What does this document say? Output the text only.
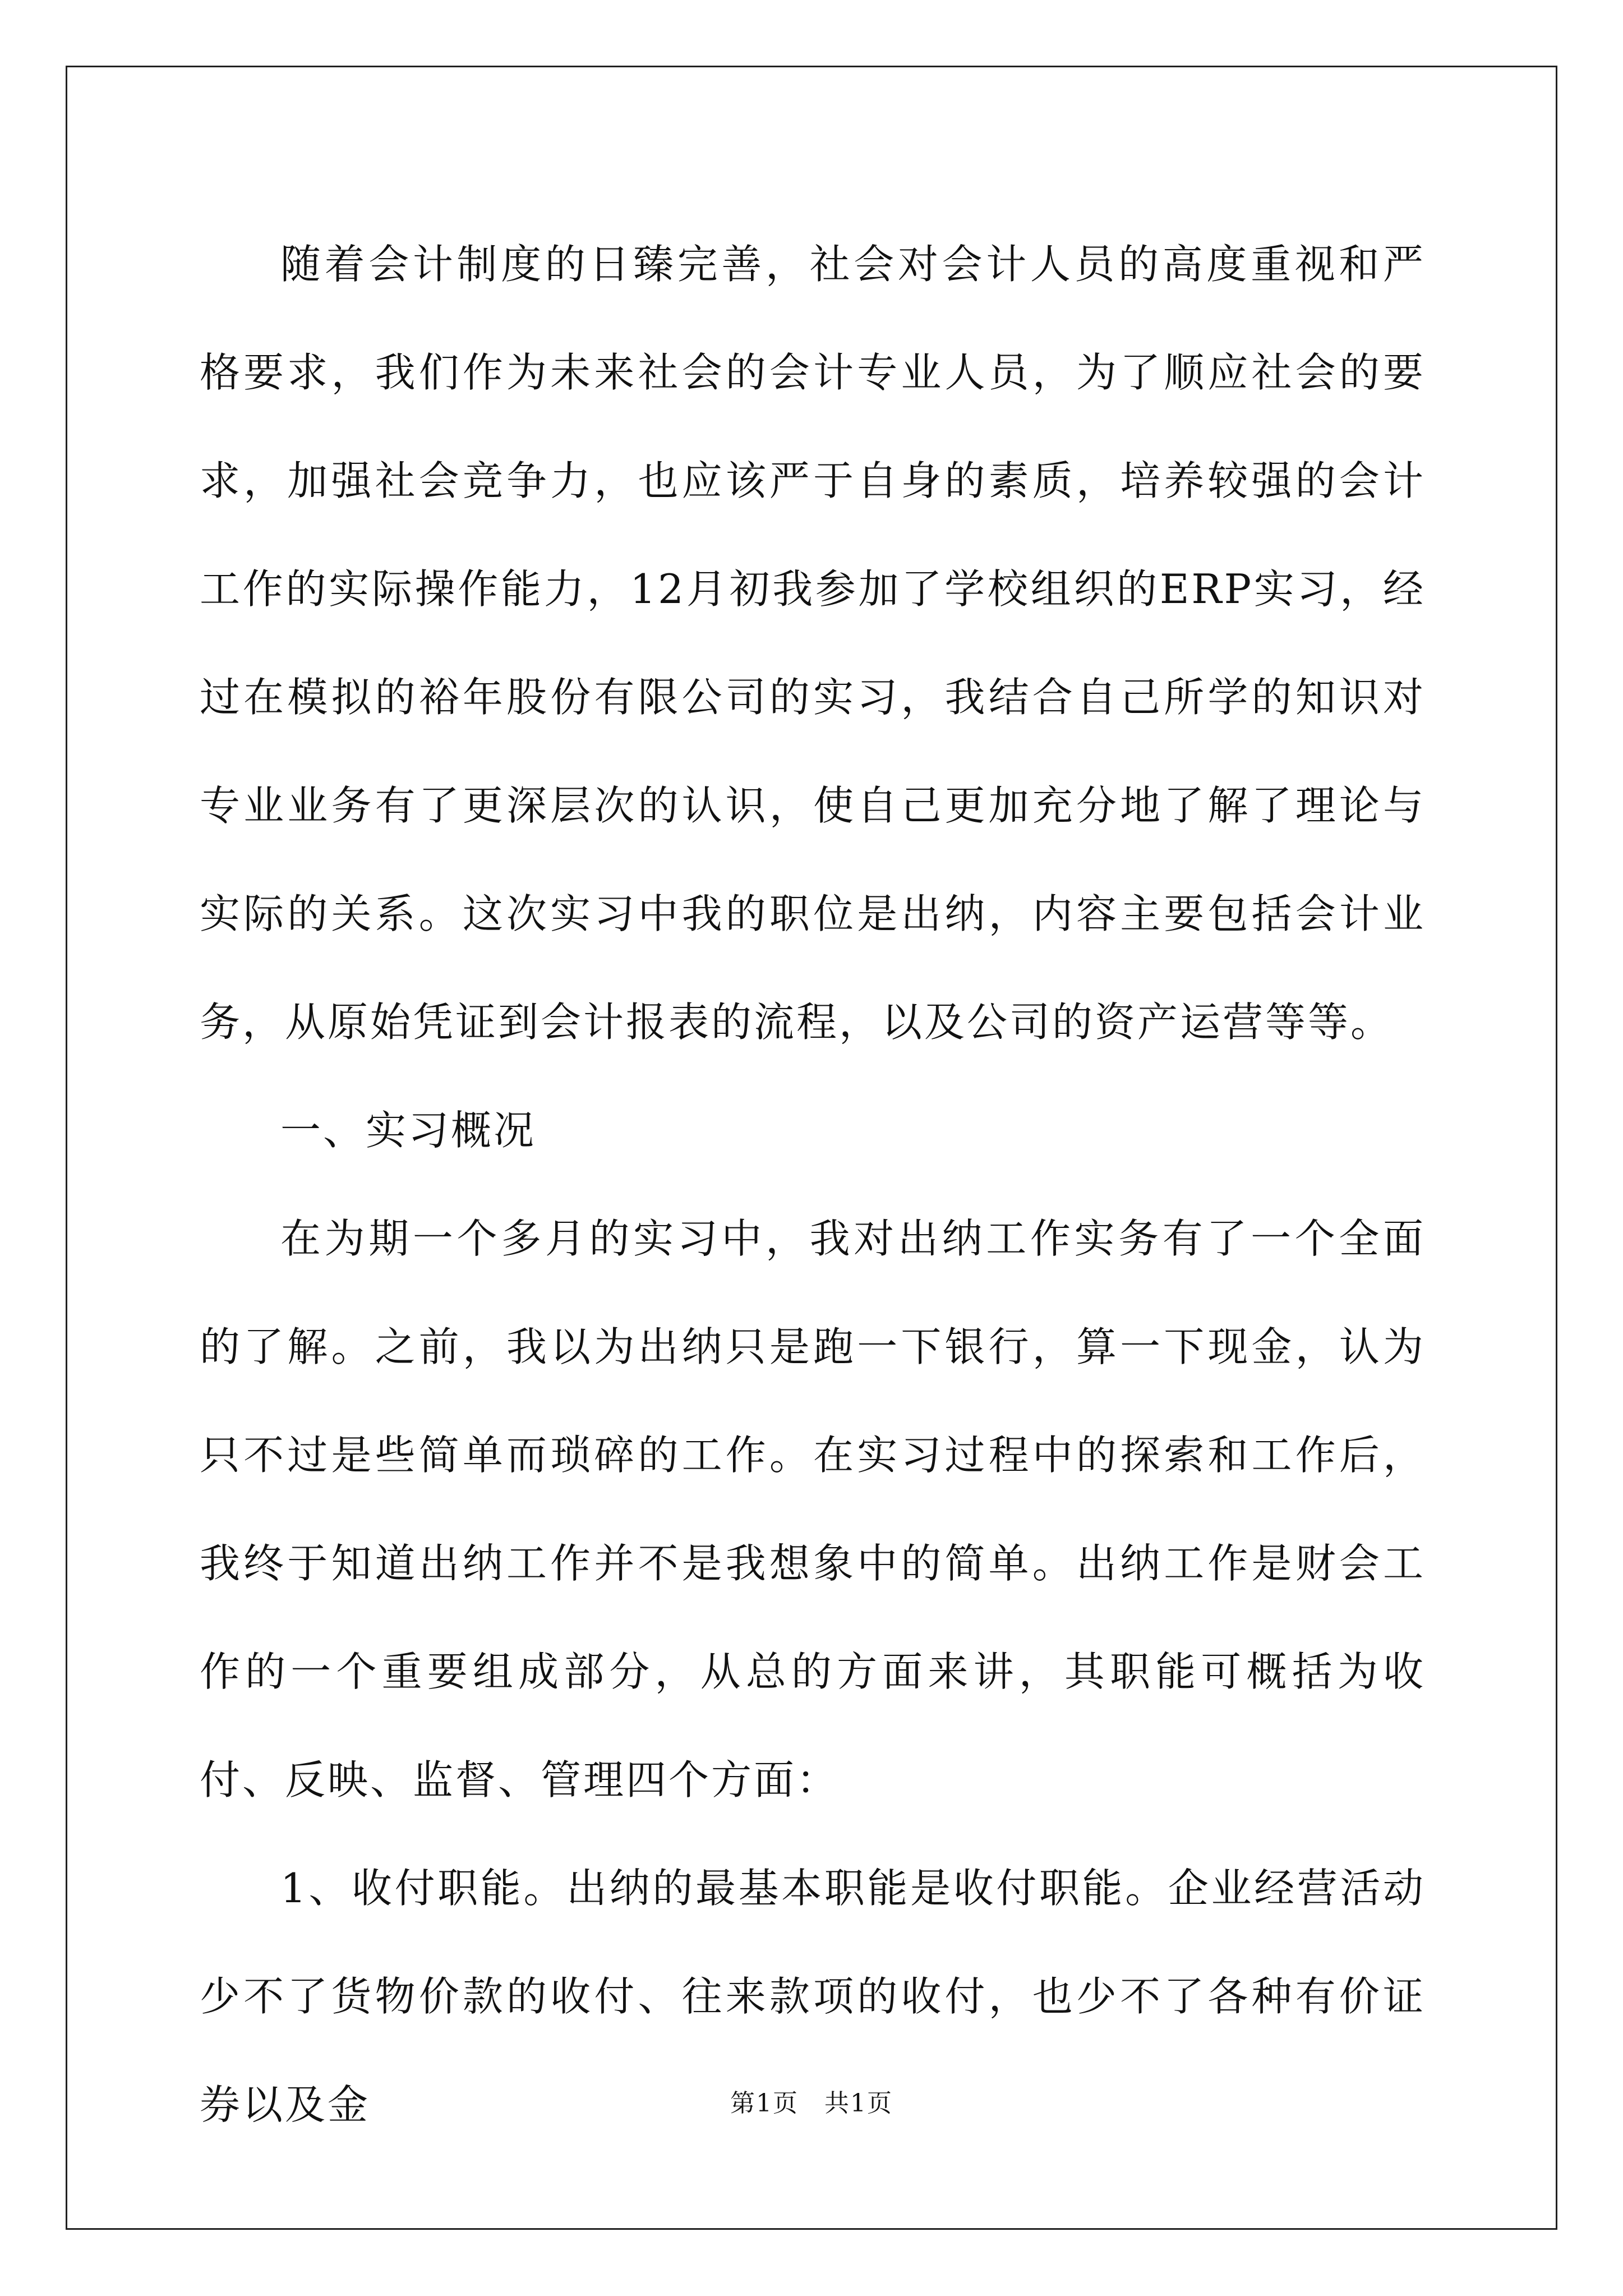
随着会计制度的日臻完善，社会对会计人员的高度重视和严格要求，我们作为未来社会的会计专业人员，为了顺应社会的要求，加强社会竞争力，也应该严于自身的素质，培养较强的会计工作的实际操作能力，12月初我参加了学校组织的ERP实习，经过在模拟的裕年股份有限公司的实习，我结合自己所学的知识对专业业务有了更深层次的认识，使自己更加充分地了解了理论与实际的关系。这次实习中我的职位是出纳，内容主要包括会计业务，从原始凭证到会计报表的流程，以及公司的资产运营等等。

一、实习概况

在为期一个多月的实习中，我对出纳工作实务有了一个全面的了解。之前，我以为出纳只是跑一下银行，算一下现金，认为只不过是些简单而琐碎的工作。在实习过程中的探索和工作后，我终于知道出纳工作并不是我想象中的简单。出纳工作是财会工作的一个重要组成部分，从总的方面来讲，其职能可概括为收付、反映、监督、管理四个方面：

1、收付职能。出纳的最基本职能是收付职能。企业经营活动少不了货物价款的收付、往来款项的收付，也少不了各种有价证券以及金	第1页　共1页
